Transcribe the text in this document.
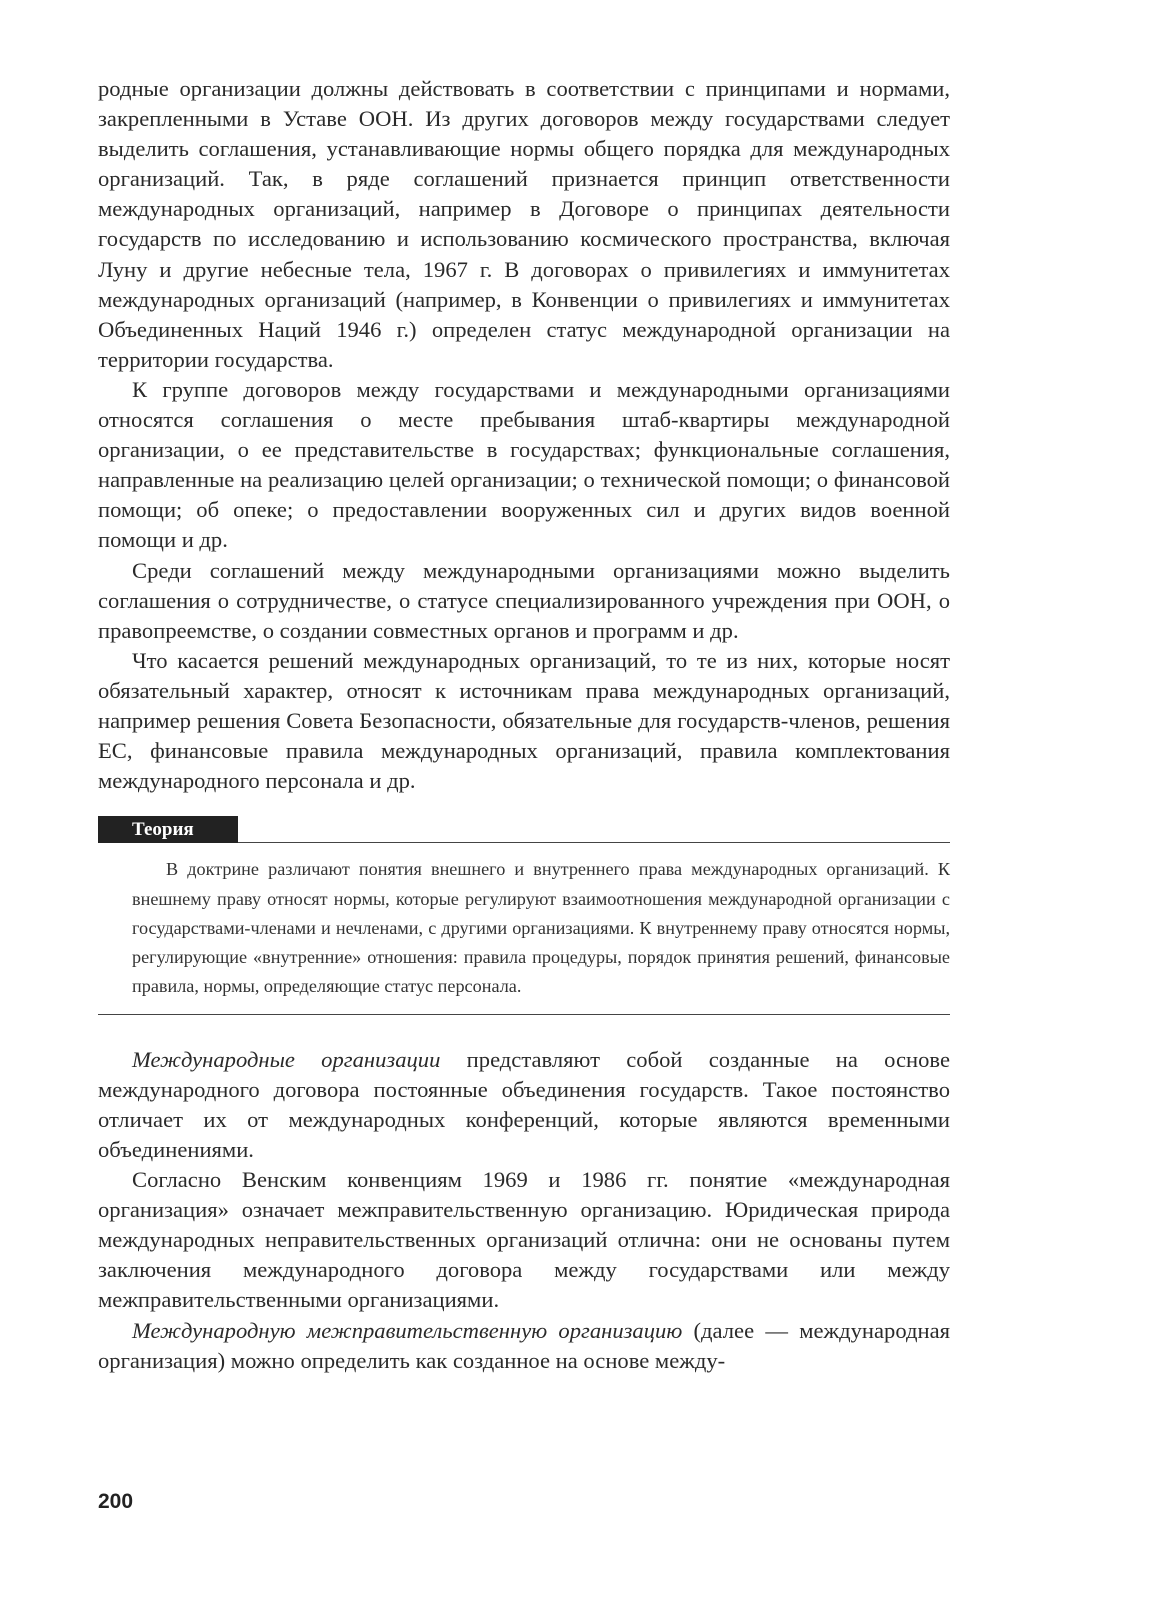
родные организации должны действовать в соответствии с принципами и нормами, закрепленными в Уставе ООН. Из других договоров между государствами следует выделить соглашения, устанавливающие нормы общего порядка для международных организаций. Так, в ряде соглашений признается принцип ответственности международных организаций, например в Договоре о принципах деятельности государств по исследованию и использованию космического пространства, включая Луну и другие небесные тела, 1967 г. В договорах о привилегиях и иммунитетах международных организаций (например, в Конвенции о привилегиях и иммунитетах Объединенных Наций 1946 г.) определен статус международной организации на территории государства.

К группе договоров между государствами и международными организациями относятся соглашения о месте пребывания штаб-квартиры международной организации, о ее представительстве в государствах; функциональные соглашения, направленные на реализацию целей организации; о технической помощи; о финансовой помощи; об опеке; о предоставлении вооруженных сил и других видов военной помощи и др.

Среди соглашений между международными организациями можно выделить соглашения о сотрудничестве, о статусе специализированного учреждения при ООН, о правопреемстве, о создании совместных органов и программ и др.

Что касается решений международных организаций, то те из них, которые носят обязательный характер, относят к источникам права международных организаций, например решения Совета Безопасности, обязательные для государств-членов, решения ЕС, финансовые правила международных организаций, правила комплектования международного персонала и др.

Теория

В доктрине различают понятия внешнего и внутреннего права международных организаций. К внешнему праву относят нормы, которые регулируют взаимоотношения международной организации с государствами-членами и нечленами, с другими организациями. К внутреннему праву относятся нормы, регулирующие «внутренние» отношения: правила процедуры, порядок принятия решений, финансовые правила, нормы, определяющие статус персонала.

Международные организации представляют собой созданные на основе международного договора постоянные объединения государств. Такое постоянство отличает их от международных конференций, которые являются временными объединениями.

Согласно Венским конвенциям 1969 и 1986 гг. понятие «международная организация» означает межправительственную организацию. Юридическая природа международных неправительственных организаций отлична: они не основаны путем заключения международного договора между государствами или между межправительственными организациями.

Международную межправительственную организацию (далее — международная организация) можно определить как созданное на основе между-

200
